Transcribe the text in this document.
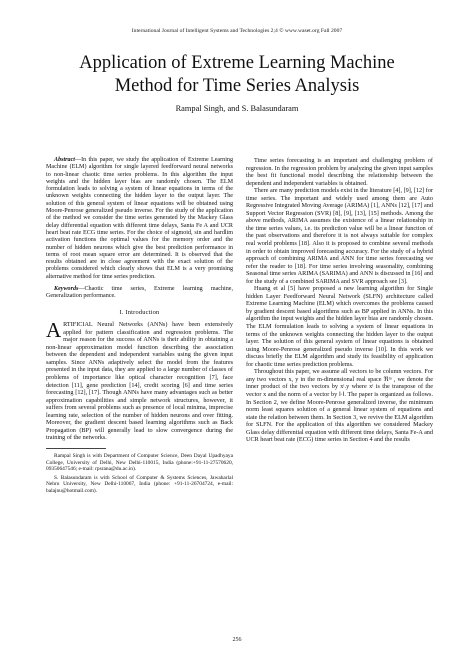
International Journal of Intelligent Systems and Technologies 2;4 © www.waset.org Fall 2007
Application of Extreme Learning Machine
Method for Time Series Analysis
Rampal Singh, and S. Balasundaram

Abstract—In this paper, we study the application of Extreme Learning Machine (ELM) algorithm for single layered feedforward neural networks to non-linear chaotic time series problems. In this algorithm the input weights and the hidden layer bias are randomly chosen. The ELM formulation leads to solving a system of linear equations in terms of the unknown weights connecting the hidden layer to the output layer. The solution of this general system of linear equations will be obtained using Moore-Penrose generalized pseudo inverse. For the study of the application of the method we consider the time series generated by the Mackey Glass delay differential equation with different time delays, Santa Fe A and UCR heart beat rate ECG time series. For the choice of sigmoid, sin and hardlim activation functions the optimal values for the memory order and the number of hidden neurons which give the best prediction performance in terms of root mean square error are determined. It is observed that the results obtained are in close agreement with the exact solution of the problems considered which clearly shows that ELM is a very promising alternative method for time series prediction.

Keywords—Chaotic time series, Extreme learning machine, Generalization performance.

I. Introduction

ARTIFICIAL Neural Networks (ANNs) have been extensively applied for pattern classification and regression problems. The major reason for the success of ANNs is their ability in obtaining a non-linear approximation model function describing the association between the dependent and independent variables using the given input samples. Since ANNs adaptively select the model from the features presented in the input data, they are applied to a large number of classes of problems of importance like optical character recognition [7], face detection [11], gene prediction [14], credit scoring [6] and time series forecasting [12], [17]. Though ANNs have many advantages such as better approximation capabilities and simple network structures, however, it suffers from several problems such as presence of local minima, imprecise learning rate, selection of the number of hidden neurons and over fitting. Moreover, the gradient descent based learning algorithms such as Back Propagation (BP) will generally lead to slow convergence during the training of the networks.

Rampal Singh is with Department of Computer Science, Deen Dayal Upadhyaya College, University of Delhi, New Delhi-110015, India (phone:+91-11-27570620, 09350647546; e-mail: rpsrana@du.ac.in).

S. Balasundaram is with School of Computer & Systems Sciences, Jawaharlal Nehru University, New Delhi-110067, India (phone: +91-11-26704724, e-mail: balajnu@hotmail.com).

Time series forecasting is an important and challenging problem of regression. In the regression problem by analyzing the given input samples the best fit functional model describing the relationship between the dependent and independent variables is obtained.

There are many prediction models exist in the literature [4], [9], [12] for time series. The important and widely used among them are Auto Regressive Integrated Moving Average (ARIMA) [1], ANNs [12], [17] and Support Vector Regression (SVR) [8], [9], [13], [15] methods. Among the above methods, ARIMA assumes the existence of a linear relationship in the time series values, i.e. its prediction value will be a linear function of the past observations and therefore it is not always suitable for complex real world problems [18]. Also it is proposed to combine several methods in order to obtain improved forecasting accuracy. For the study of a hybrid approach of combining ARIMA and ANN for time series forecasting we refer the reader to [18]. For time series involving seasonality, combining Seasonal time series ARIMA (SARIMA) and ANN is discussed in [16] and for the study of a combined SARIMA and SVR approach see [3].

Huang et al [5] have proposed a new learning algorithm for Single hidden Layer Feedforward Neural Network (SLFN) architecture called Extreme Learning Machine (ELM) which overcomes the problems caused by gradient descent based algorithms such as BP applied in ANNs. In this algorithm the input weights and the hidden layer bias are randomly chosen. The ELM formulation leads to solving a system of linear equations in terms of the unknown weights connecting the hidden layer to the output layer. The solution of this general system of linear equations is obtained using Moore-Penrose generalized pseudo inverse [10]. In this work we discuss briefly the ELM algorithm and study its feasibility of application for chaotic time series prediction problems.

Throughout this paper, we assume all vectors to be column vectors. For any two vectors x, y in the m-dimensional real space ℜᵐ , we denote the inner product of the two vectors by xᵗ.y where xᵗ is the transpose of the vector x and the norm of a vector by ‖·‖. The paper is organized as follows. In Section 2, we define Moore-Penrose generalized inverse, the minimum norm least squares solution of a general linear system of equations and state the relation between them. In Section 3, we revive the ELM algorithm for SLFN. For the application of this algorithm we considered Mackey Glass delay differential equation with different time delays, Santa Fe-A and UCR heart beat rate (ECG) time series in Section 4 and the results

256
